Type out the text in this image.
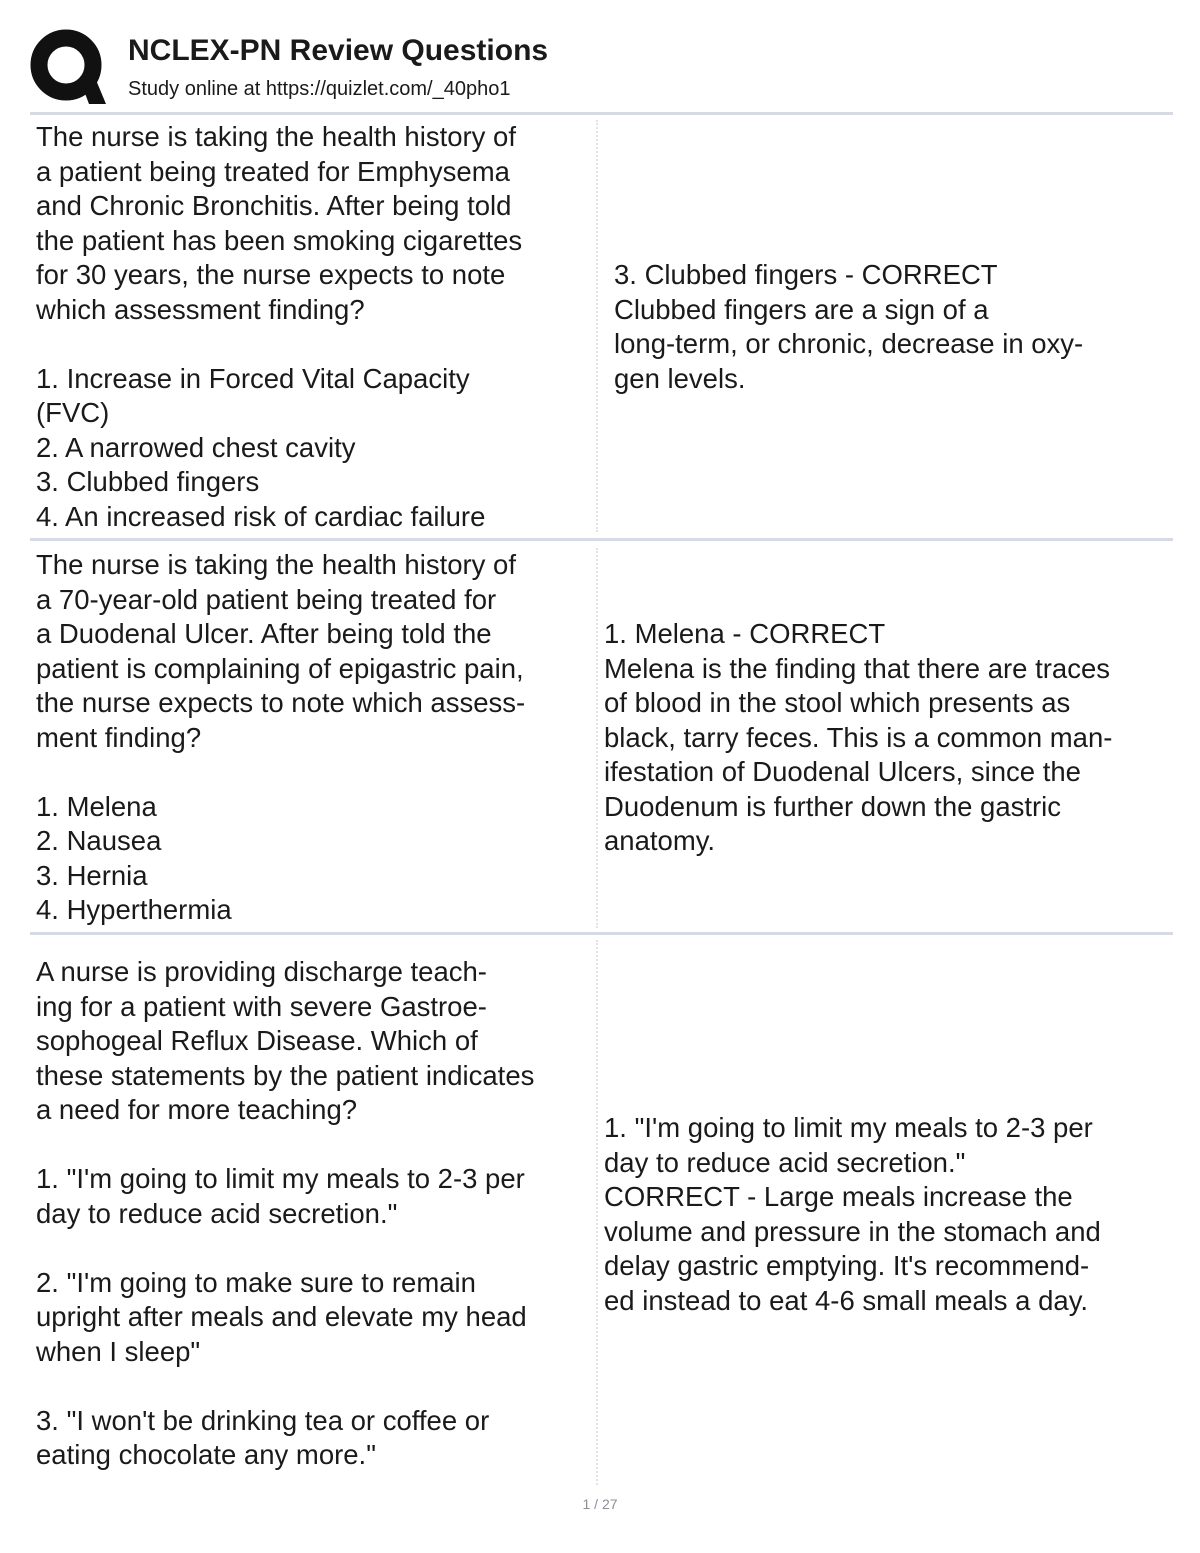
NCLEX-PN Review Questions
Study online at https://quizlet.com/_40pho1
The nurse is taking the health history of
a patient being treated for Emphysema
and Chronic Bronchitis. After being told
the patient has been smoking cigarettes
for 30 years, the nurse expects to note
which assessment finding?

1. Increase in Forced Vital Capacity
(FVC)
2. A narrowed chest cavity
3. Clubbed fingers
4. An increased risk of cardiac failure
3. Clubbed fingers - CORRECT
Clubbed fingers are a sign of a
long-term, or chronic, decrease in oxy-
gen levels.
The nurse is taking the health history of
a 70-year-old patient being treated for
a Duodenal Ulcer. After being told the
patient is complaining of epigastric pain,
the nurse expects to note which assess-
ment finding?

1. Melena
2. Nausea
3. Hernia
4. Hyperthermia
1. Melena - CORRECT
Melena is the finding that there are traces
of blood in the stool which presents as
black, tarry feces. This is a common man-
ifestation of Duodenal Ulcers, since the
Duodenum is further down the gastric
anatomy.
A nurse is providing discharge teach-
ing for a patient with severe Gastroe-
sophogeal Reflux Disease. Which of
these statements by the patient indicates
a need for more teaching?

1. "I'm going to limit my meals to 2-3 per
day to reduce acid secretion."

2. "I'm going to make sure to remain
upright after meals and elevate my head
when I sleep"

3. "I won't be drinking tea or coffee or
eating chocolate any more."
1. "I'm going to limit my meals to 2-3 per
day to reduce acid secretion."
CORRECT - Large meals increase the
volume and pressure in the stomach and
delay gastric emptying. It's recommend-
ed instead to eat 4-6 small meals a day.
1 / 27
